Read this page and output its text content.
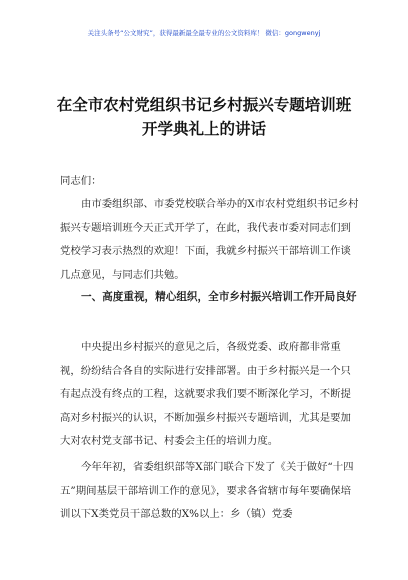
关注头条号“公文财究”，获得最新最全最专业的公文资料库！ 微信：gongwenyj
在全市农村党组织书记乡村振兴专题培训班开学典礼上的讲话

同志们：

由市委组织部、市委党校联合举办的X市农村党组织书记乡村振兴专题培训班今天正式开学了，在此，我代表市委对同志们到党校学习表示热烈的欢迎！下面，我就乡村振兴干部培训工作谈几点意见，与同志们共勉。

一、高度重视，精心组织，全市乡村振兴培训工作开局良好

中央提出乡村振兴的意见之后，各级党委、政府都非常重视，纷纷结合各自的实际进行安排部署。由于乡村振兴是一个只有起点没有终点的工程，这就要求我们要不断深化学习，不断提高对乡村振兴的认识，不断加强乡村振兴专题培训，尤其是要加大对农村党支部书记、村委会主任的培训力度。

今年年初，省委组织部等X部门联合下发了《关于做好“十四五”期间基层干部培训工作的意见》，要求各省辖市每年要确保培训以下X类党员干部总数的X%以上：乡（镇）党委
